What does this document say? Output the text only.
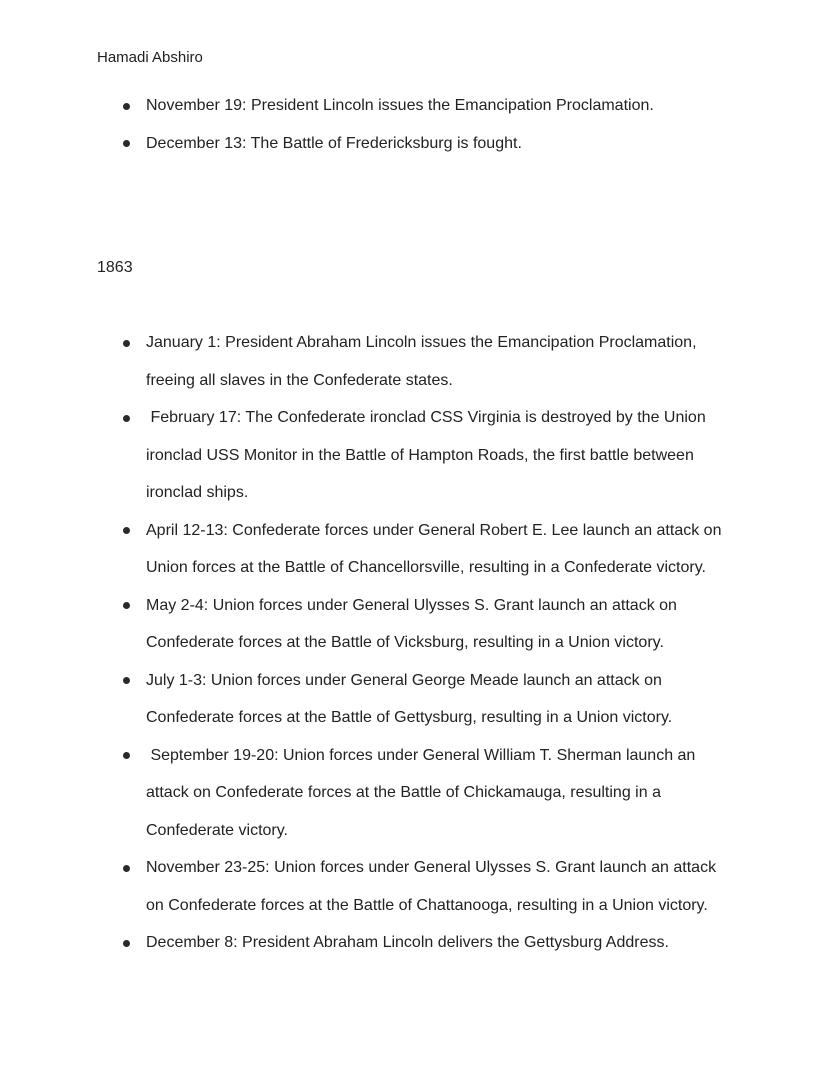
Hamadi Abshiro
November 19: President Lincoln issues the Emancipation Proclamation.
December 13: The Battle of Fredericksburg is fought.
1863
January 1: President Abraham Lincoln issues the Emancipation Proclamation, freeing all slaves in the Confederate states.
February 17: The Confederate ironclad CSS Virginia is destroyed by the Union ironclad USS Monitor in the Battle of Hampton Roads, the first battle between ironclad ships.
April 12-13: Confederate forces under General Robert E. Lee launch an attack on Union forces at the Battle of Chancellorsville, resulting in a Confederate victory.
May 2-4: Union forces under General Ulysses S. Grant launch an attack on Confederate forces at the Battle of Vicksburg, resulting in a Union victory.
July 1-3: Union forces under General George Meade launch an attack on Confederate forces at the Battle of Gettysburg, resulting in a Union victory.
September 19-20: Union forces under General William T. Sherman launch an attack on Confederate forces at the Battle of Chickamauga, resulting in a Confederate victory.
November 23-25: Union forces under General Ulysses S. Grant launch an attack on Confederate forces at the Battle of Chattanooga, resulting in a Union victory.
December 8: President Abraham Lincoln delivers the Gettysburg Address.
